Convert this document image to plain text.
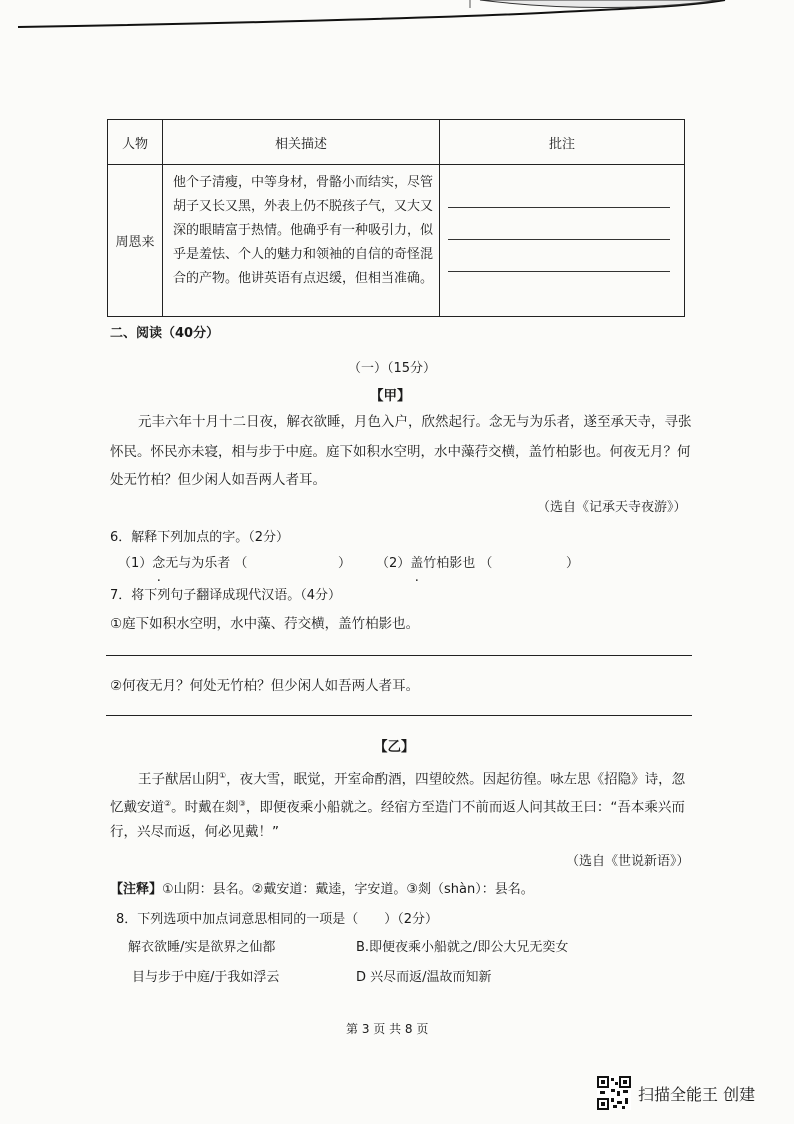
人物	相关描述	批注
周恩来	他个子清瘦，中等身材，骨骼小而结实，尽管
胡子又长又黑，外表上仍不脱孩子气，又大又
深的眼睛富于热情。他确乎有一种吸引力，似
乎是羞怯、个人的魅力和领袖的自信的奇怪混
合的产物。他讲英语有点迟缓，但相当准确。	

二、阅读（40分）
（一）（15分）
【甲】
元丰六年十月十二日夜，解衣欲睡，月色入户，欣然起行。念无与为乐者，遂至承天寺，寻张
怀民。怀民亦未寝，相与步于中庭。庭下如积水空明，水中藻荇交横，盖竹柏影也。何夜无月？何
处无竹柏？但少闲人如吾两人者耳。
（选自《记承天寺夜游》）
6．解释下列加点的字。（2分）
（1）念无与为乐者 （	） （2）盖竹柏影也 （	）
7．将下列句子翻译成现代汉语。（4分）
①庭下如积水空明，水中藻、荇交横，盖竹柏影也。
②何夜无月？何处无竹柏？但少闲人如吾两人者耳。
【乙】
王子猷居山阴①，夜大雪，眠觉，开室命酌酒，四望皎然。因起彷徨。咏左思《招隐》诗，忽
忆戴安道②。时戴在剡③，即便夜乘小船就之。经宿方至造门不前而返人问其故王曰：“吾本乘兴而
行，兴尽而返，何必见戴！”
（选自《世说新语》）
【注释】①山阴：县名。②戴安道：戴逵，字安道。③剡（shàn）：县名。
8．下列选项中加点词意思相同的一项是（　　）（2分）
解衣欲睡/实是欲界之仙都	B.即便夜乘小船就之/即公大兄无奕女
目与步于中庭/于我如浮云	D 兴尽而返/温故而知新
第 3 页 共 8 页
扫描全能王 创建
